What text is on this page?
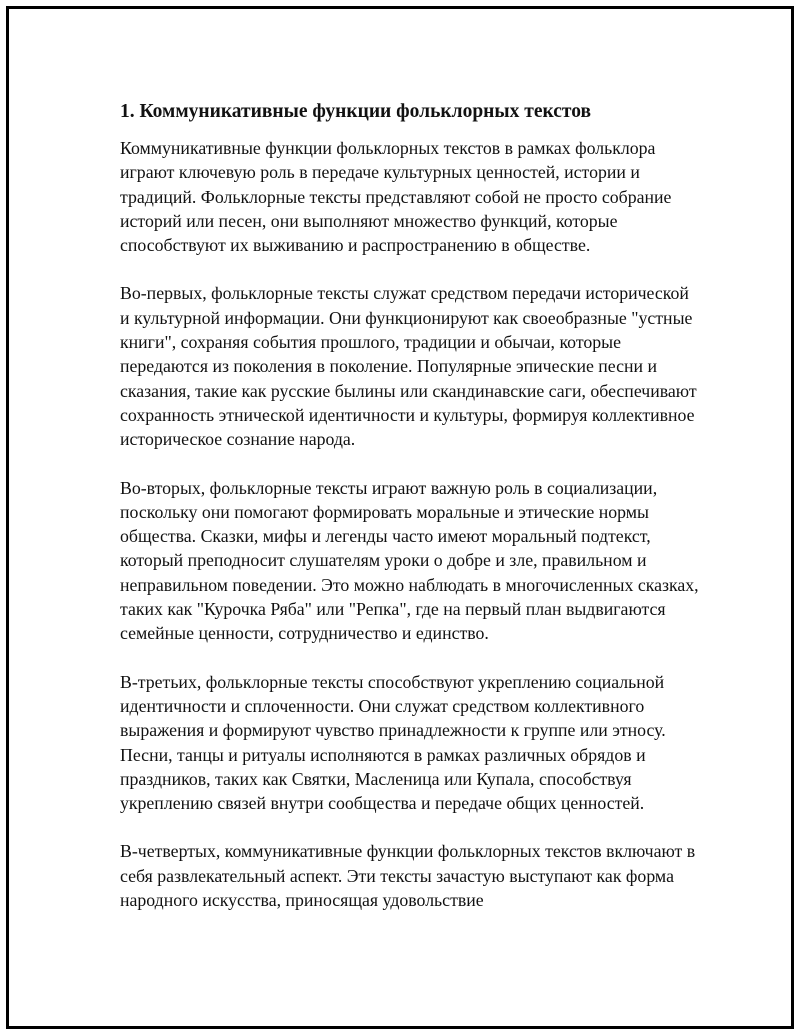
1. Коммуникативные функции фольклорных текстов

Коммуникативные функции фольклорных текстов в рамках фольклора играют ключевую роль в передаче культурных ценностей, истории и традиций. Фольклорные тексты представляют собой не просто собрание историй или песен, они выполняют множество функций, которые способствуют их выживанию и распространению в обществе.

Во-первых, фольклорные тексты служат средством передачи исторической и культурной информации. Они функционируют как своеобразные "устные книги", сохраняя события прошлого, традиции и обычаи, которые передаются из поколения в поколение. Популярные эпические песни и сказания, такие как русские былины или скандинавские саги, обеспечивают сохранность этнической идентичности и культуры, формируя коллективное историческое сознание народа.

Во-вторых, фольклорные тексты играют важную роль в социализации, поскольку они помогают формировать моральные и этические нормы общества. Сказки, мифы и легенды часто имеют моральный подтекст, который преподносит слушателям уроки о добре и зле, правильном и неправильном поведении. Это можно наблюдать в многочисленных сказках, таких как "Курочка Ряба" или "Репка", где на первый план выдвигаются семейные ценности, сотрудничество и единство.

В-третьих, фольклорные тексты способствуют укреплению социальной идентичности и сплоченности. Они служат средством коллективного выражения и формируют чувство принадлежности к группе или этносу. Песни, танцы и ритуалы исполняются в рамках различных обрядов и праздников, таких как Святки, Масленица или Купала, способствуя укреплению связей внутри сообщества и передаче общих ценностей.

В-четвертых, коммуникативные функции фольклорных текстов включают в себя развлекательный аспект. Эти тексты зачастую выступают как форма народного искусства, приносящая удовольствие
